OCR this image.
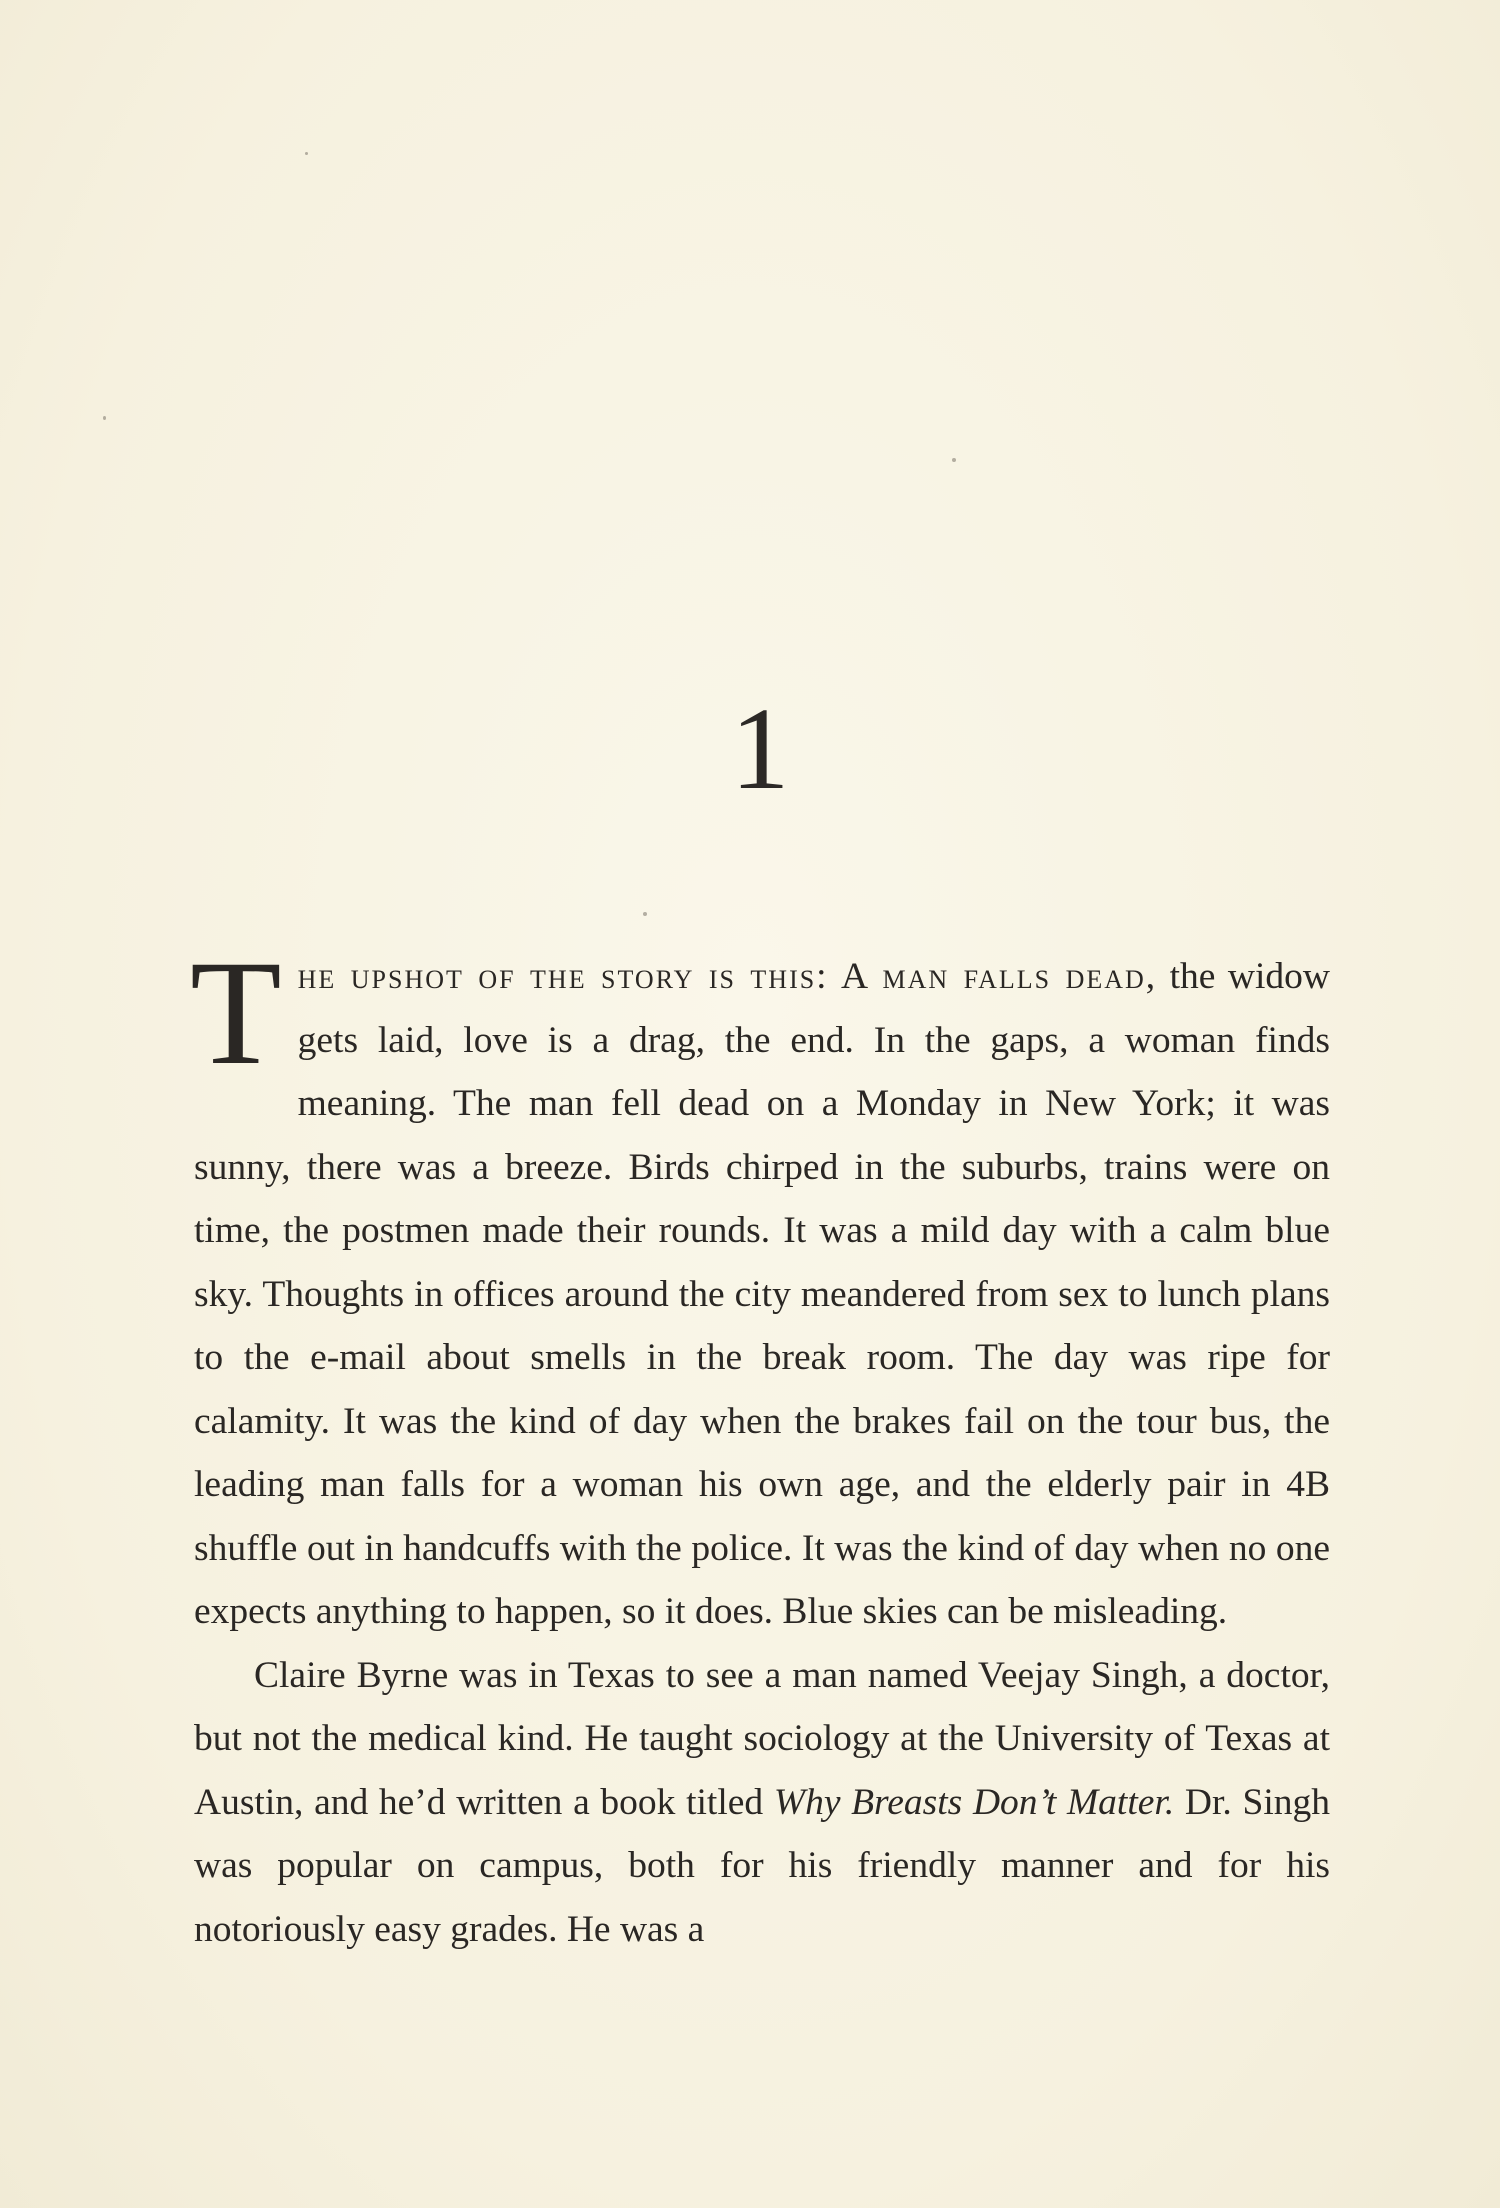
1

The upshot of the story is this: A man falls dead, the widow gets laid, love is a drag, the end. In the gaps, a woman finds meaning. The man fell dead on a Monday in New York; it was sunny, there was a breeze. Birds chirped in the suburbs, trains were on time, the postmen made their rounds. It was a mild day with a calm blue sky. Thoughts in offices around the city meandered from sex to lunch plans to the e-mail about smells in the break room. The day was ripe for calamity. It was the kind of day when the brakes fail on the tour bus, the leading man falls for a woman his own age, and the elderly pair in 4B shuffle out in handcuffs with the police. It was the kind of day when no one expects anything to happen, so it does. Blue skies can be misleading.

Claire Byrne was in Texas to see a man named Veejay Singh, a doctor, but not the medical kind. He taught sociology at the University of Texas at Austin, and he’d written a book titled Why Breasts Don’t Matter. Dr. Singh was popular on campus, both for his friendly manner and for his notoriously easy grades. He was a
